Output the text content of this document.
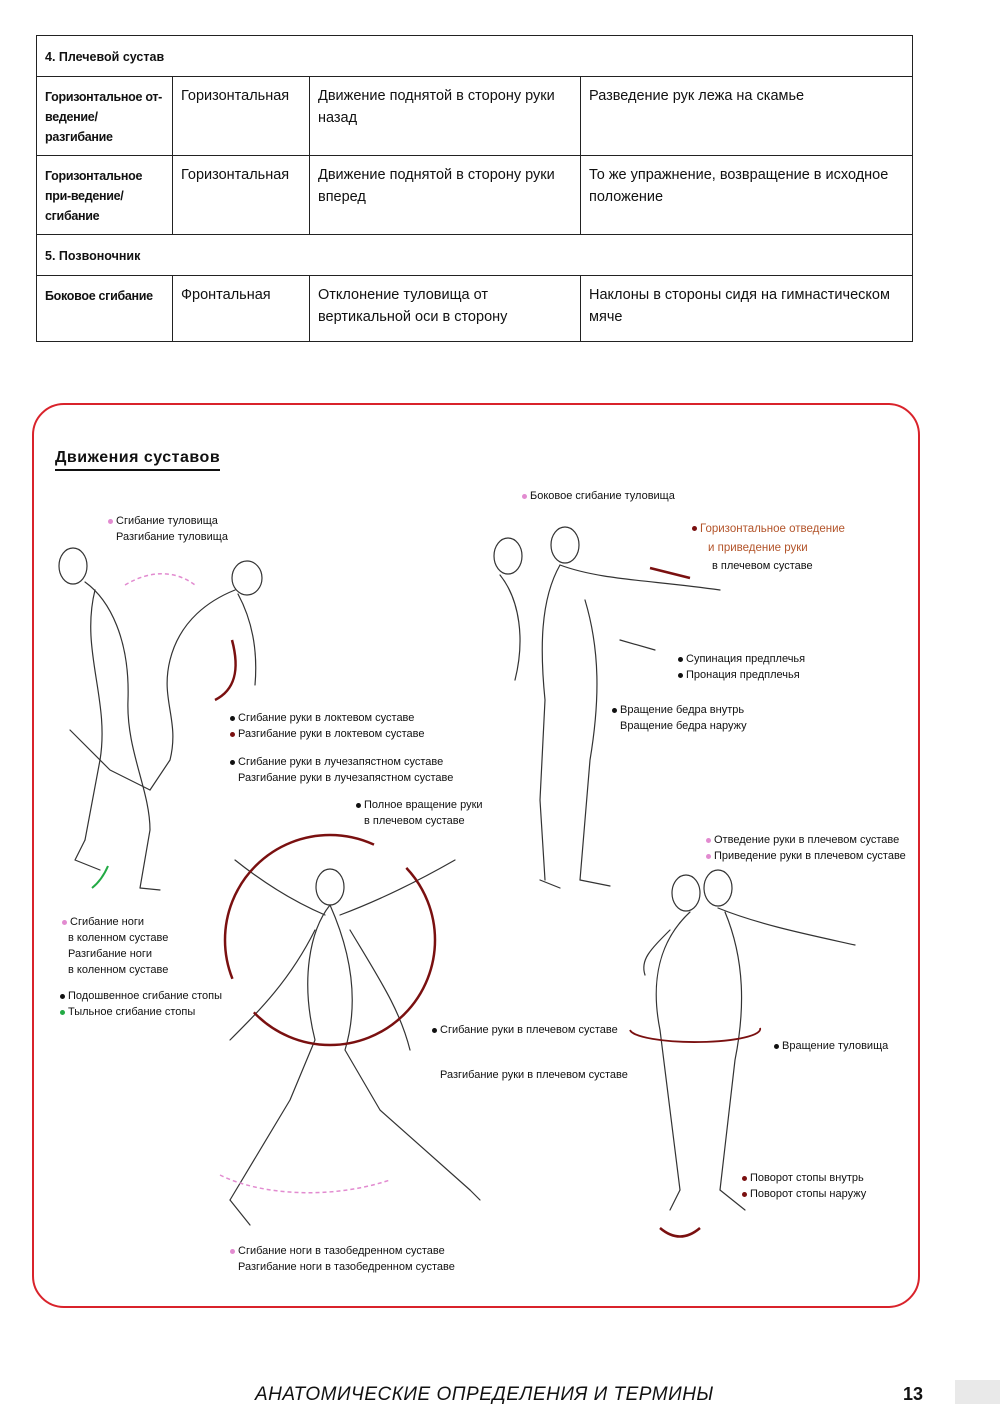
4. Плечевой сустав			
Горизонтальное от-ведение/разгибание	Горизонтальная	Движение поднятой в сторону руки назад	Разведение рук лежа на скамье
Горизонтальное при-ведение/сгибание	Горизонтальная	Движение поднятой в сторону руки вперед	То же упражнение, возвращение в исходное положение
5. Позвоночник			
Боковое сгибание	Фронтальная	Отклонение туловища от вертикальной оси в сторону	Наклоны в стороны сидя на гимнастическом мяче
Движения суставов
Сгибание туловища
Разгибание туловища
Сгибание руки в локтевом суставе
Разгибание руки в локтевом суставе
Сгибание руки в лучезапястном суставе
Разгибание руки в лучезапястном суставе
Сгибание ноги
в коленном суставе
Разгибание ноги
в коленном суставе
Подошвенное сгибание стопы
Тыльное сгибание стопы
Боковое сгибание туловища
Горизонтальное отведение
и приведение руки
в плечевом суставе
Супинация предплечья
Пронация предплечья
Вращение бедра внутрь
Вращение бедра наружу
Полное вращение руки
в плечевом суставе
Сгибание руки в плечевом суставе
Разгибание руки в плечевом суставе
Сгибание ноги в тазобедренном суставе
Разгибание ноги в тазобедренном суставе
Отведение руки в плечевом суставе
Приведение руки в плечевом суставе
Вращение туловища
Поворот стопы внутрь
Поворот стопы наружу
АНАТОМИЧЕСКИЕ ОПРЕДЕЛЕНИЯ И ТЕРМИНЫ	13
